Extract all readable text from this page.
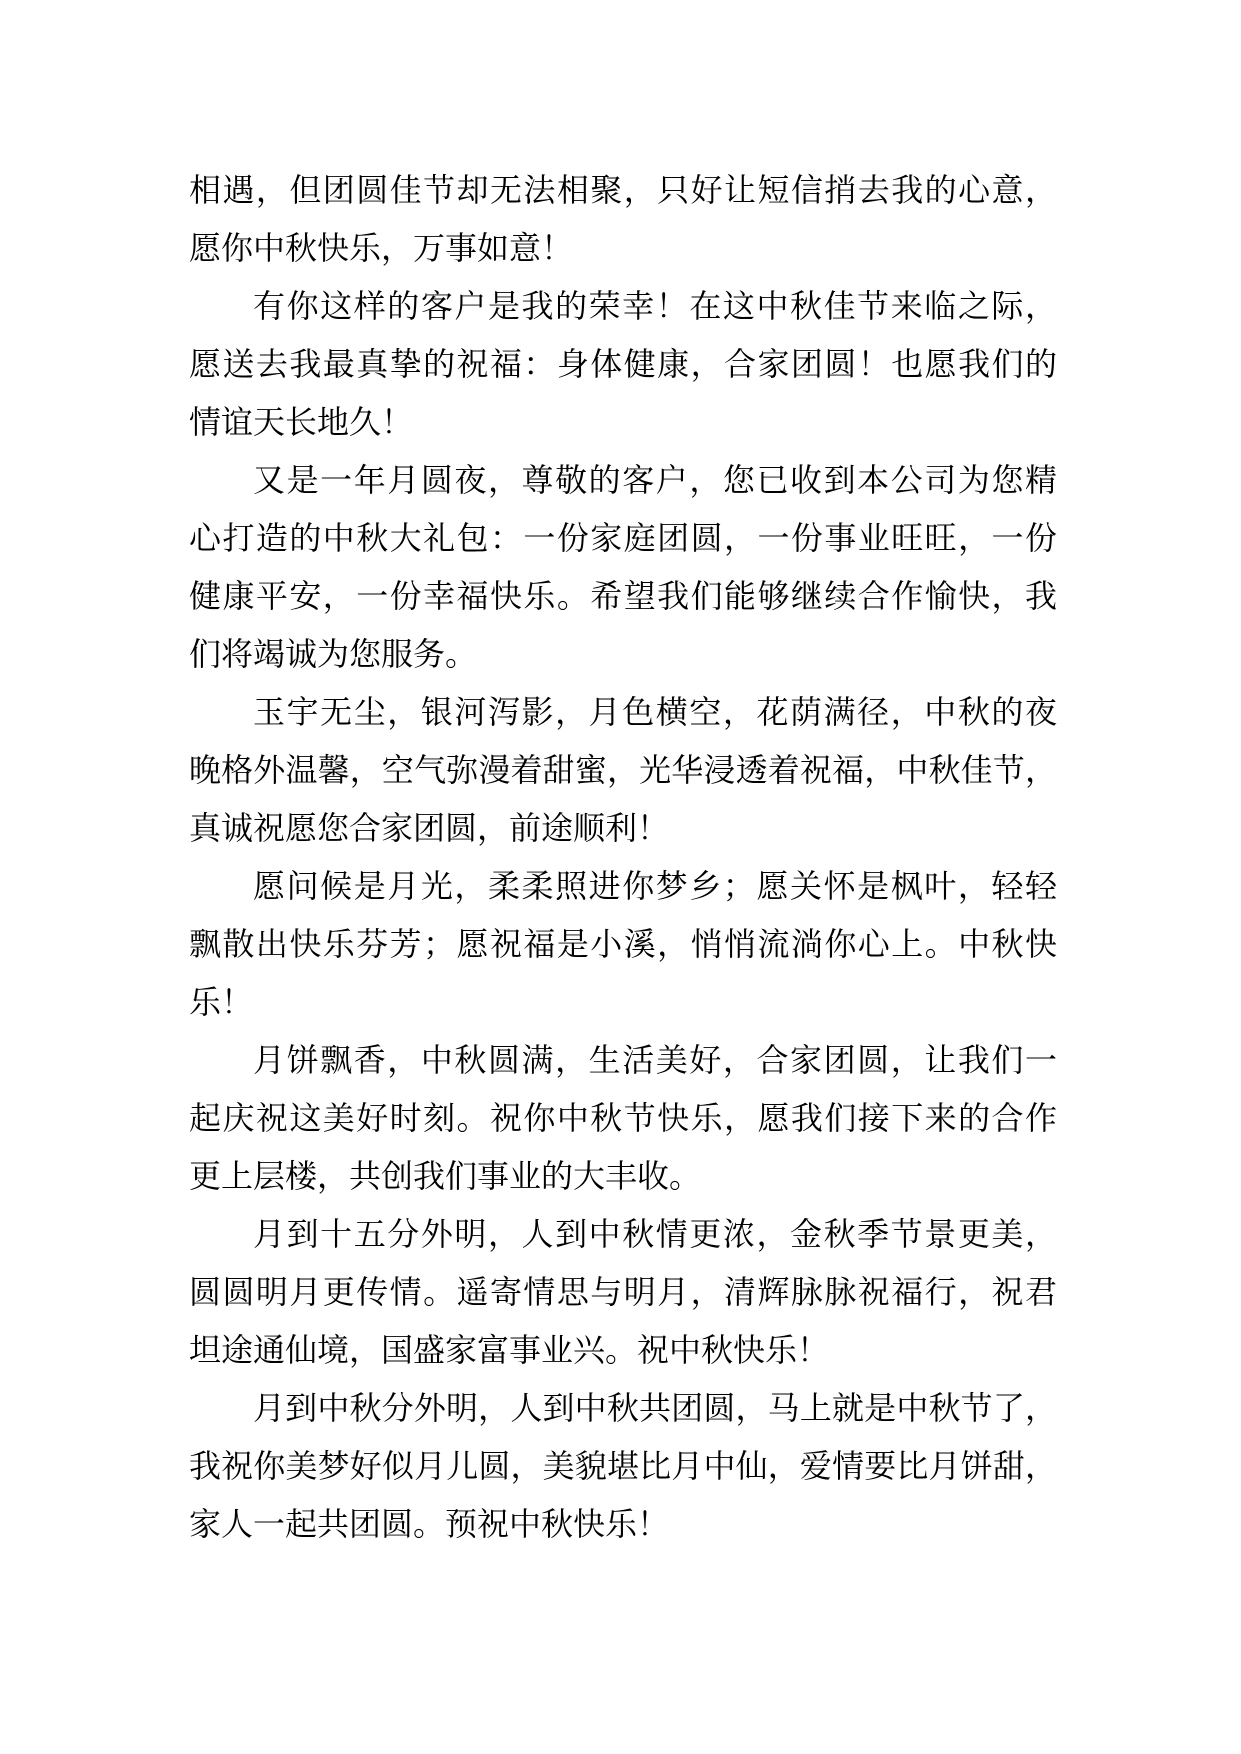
相遇，但团圆佳节却无法相聚，只好让短信捎去我的心意，
愿你中秋快乐，万事如意！
有你这样的客户是我的荣幸！在这中秋佳节来临之际，
愿送去我最真挚的祝福：身体健康，合家团圆！也愿我们的
情谊天长地久！
又是一年月圆夜，尊敬的客户，您已收到本公司为您精
心打造的中秋大礼包：一份家庭团圆，一份事业旺旺，一份
健康平安，一份幸福快乐。希望我们能够继续合作愉快，我
们将竭诚为您服务。
玉宇无尘，银河泻影，月色横空，花荫满径，中秋的夜
晚格外温馨，空气弥漫着甜蜜，光华浸透着祝福，中秋佳节，
真诚祝愿您合家团圆，前途顺利！
愿问候是月光，柔柔照进你梦乡；愿关怀是枫叶，轻轻
飘散出快乐芬芳；愿祝福是小溪，悄悄流淌你心上。中秋快
乐！
月饼飘香，中秋圆满，生活美好，合家团圆，让我们一
起庆祝这美好时刻。祝你中秋节快乐，愿我们接下来的合作
更上层楼，共创我们事业的大丰收。
月到十五分外明，人到中秋情更浓，金秋季节景更美，
圆圆明月更传情。遥寄情思与明月，清辉脉脉祝福行，祝君
坦途通仙境，国盛家富事业兴。祝中秋快乐！
月到中秋分外明，人到中秋共团圆，马上就是中秋节了，
我祝你美梦好似月儿圆，美貌堪比月中仙，爱情要比月饼甜，
家人一起共团圆。预祝中秋快乐！
